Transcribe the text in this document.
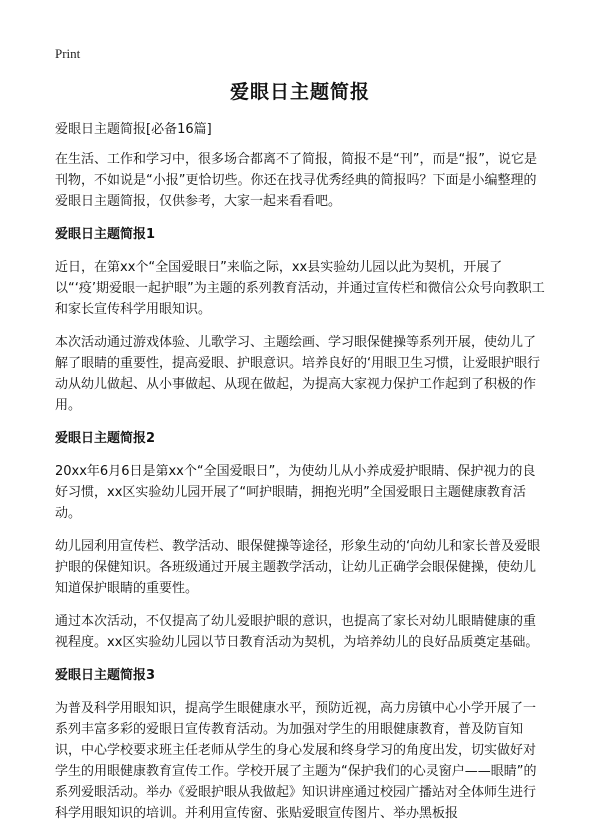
Print
爱眼日主题简报
爱眼日主题简报[必备16篇]

在生活、工作和学习中，很多场合都离不了简报，简报不是“刊”，而是“报”，说它是刊物，不如说是“小报”更恰切些。你还在找寻优秀经典的简报吗？下面是小编整理的爱眼日主题简报，仅供参考，大家一起来看看吧。

爱眼日主题简报1

近日，在第xx个“全国爱眼日”来临之际，xx县实验幼儿园以此为契机，开展了以“‘疫’期爱眼一起护眼”为主题的系列教育活动，并通过宣传栏和微信公众号向教职工和家长宣传科学用眼知识。

本次活动通过游戏体验、儿歌学习、主题绘画、学习眼保健操等系列开展，使幼儿了解了眼睛的重要性，提高爱眼、护眼意识。培养良好的‘用眼卫生习惯，让爱眼护眼行动从幼儿做起、从小事做起、从现在做起，为提高大家视力保护工作起到了积极的作用。

爱眼日主题简报2

20xx年6月6日是第xx个“全国爱眼日”，为使幼儿从小养成爱护眼睛、保护视力的良好习惯，xx区实验幼儿园开展了“呵护眼睛，拥抱光明”全国爱眼日主题健康教育活动。

幼儿园利用宣传栏、教学活动、眼保健操等途径，形象生动的‘向幼儿和家长普及爱眼护眼的保健知识。各班级通过开展主题教学活动，让幼儿正确学会眼保健操，使幼儿知道保护眼睛的重要性。

通过本次活动，不仅提高了幼儿爱眼护眼的意识，也提高了家长对幼儿眼睛健康的重视程度。xx区实验幼儿园以节日教育活动为契机，为培养幼儿的良好品质奠定基础。

爱眼日主题简报3

为普及科学用眼知识，提高学生眼健康水平，预防近视，高力房镇中心小学开展了一系列丰富多彩的爱眼日宣传教育活动。为加强对学生的用眼健康教育，普及防盲知识，中心学校要求班主任老师从学生的身心发展和终身学习的角度出发，切实做好对学生的用眼健康教育宣传工作。学校开展了主题为“保护我们的心灵窗户——眼睛”的系列爱眼活动。举办《爱眼护眼从我做起》知识讲座通过校园广播站对全体师生进行科学用眼知识的培训。并利用宣传窗、张贴爱眼宣传图片、举办黑板报
